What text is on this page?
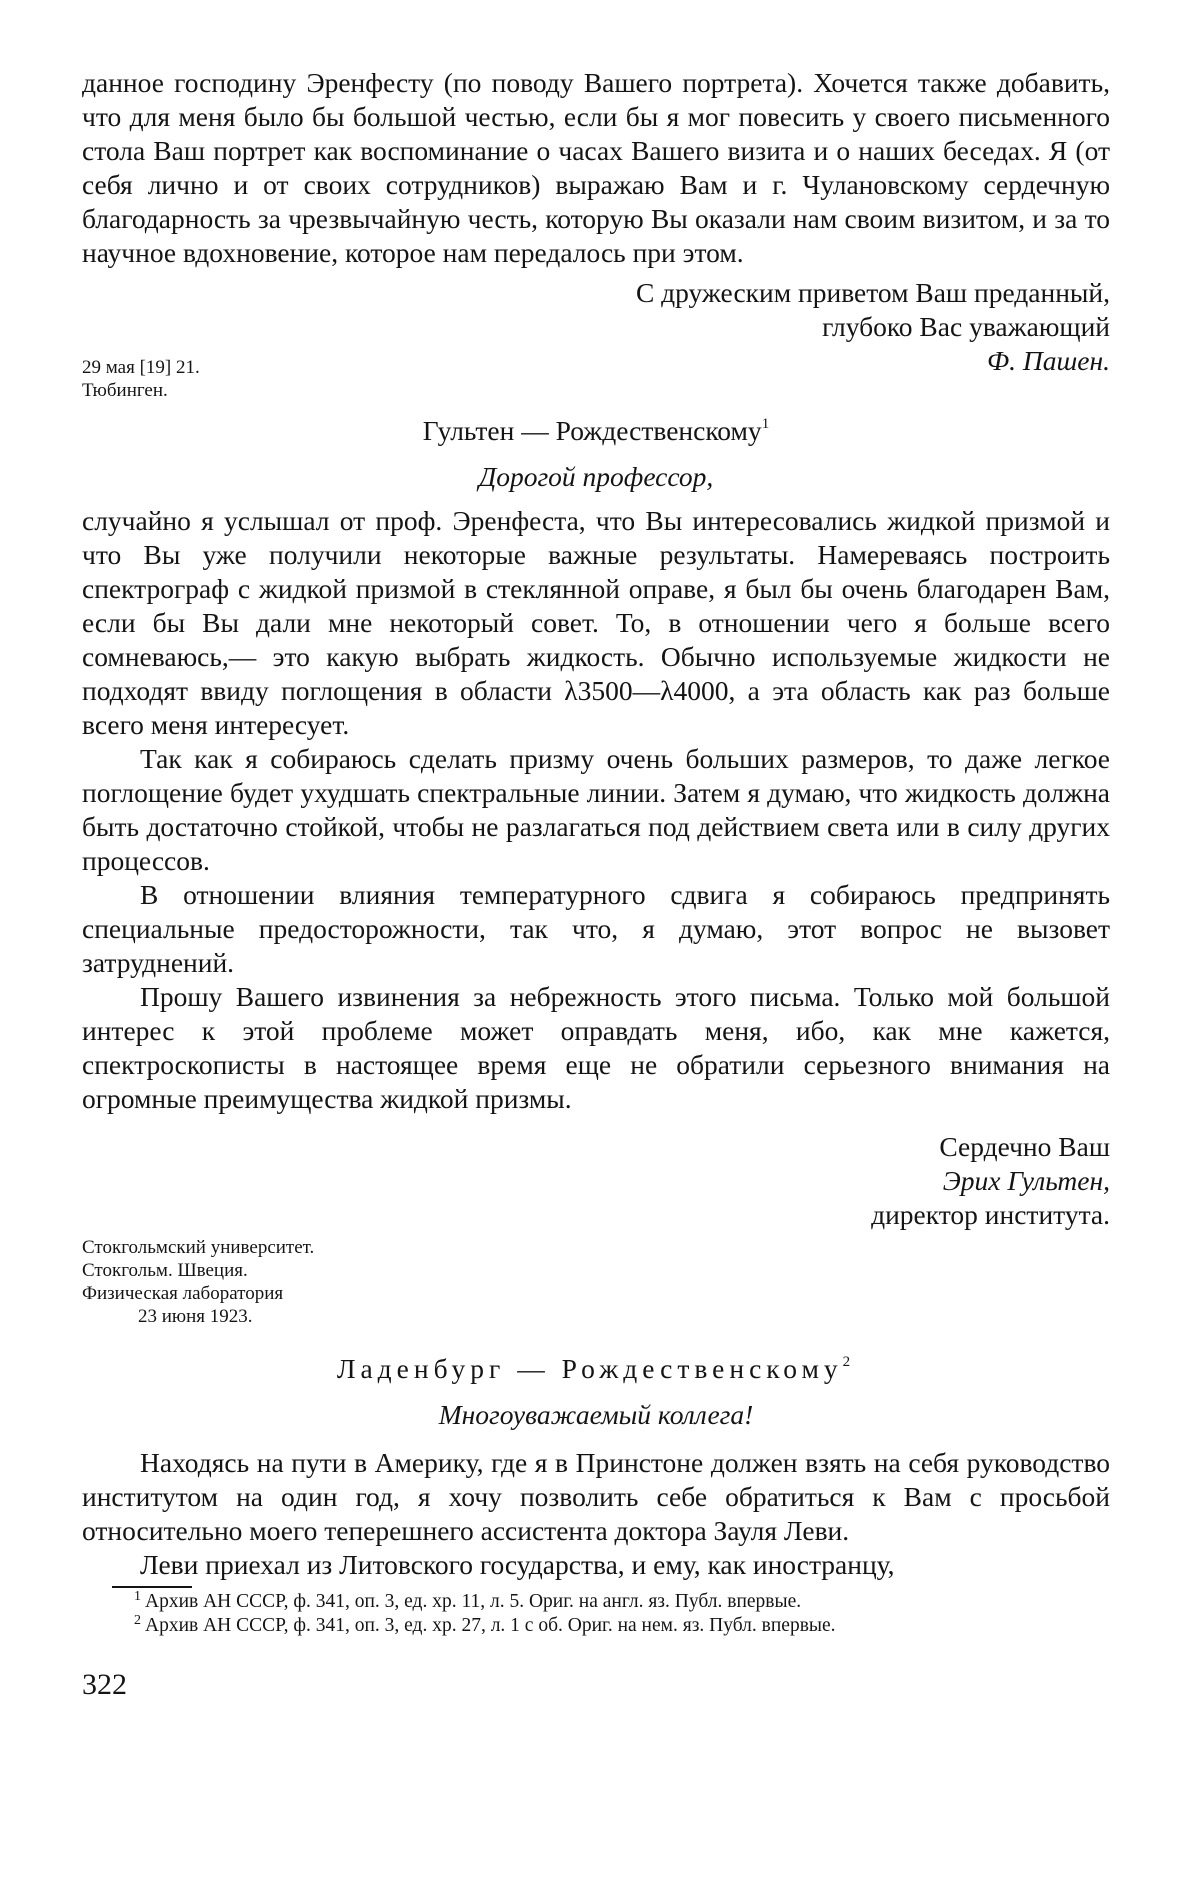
данное господину Эренфесту (по поводу Вашего портрета). Хочется также добавить, что для меня было бы большой честью, если бы я мог повесить у своего письменного стола Ваш портрет как воспоминание о часах Вашего визита и о наших беседах. Я (от себя лично и от своих сотрудников) выражаю Вам и г. Чулановскому сердечную благодарность за чрезвычайную честь, которую Вы оказали нам своим визитом, и за то научное вдохновение, которое нам передалось при этом.

С дружеским приветом Ваш преданный,
глубоко Вас уважающий
Ф. Пашен.
29 мая [19] 21.
Тюбинген.
Гультен — Рождественскому$^1$
Дорогой профессор,

случайно я услышал от проф. Эренфеста, что Вы интересовались жидкой призмой и что Вы уже получили некоторые важные результаты. Намереваясь построить спектрограф с жидкой призмой в стеклянной оправе, я был бы очень благодарен Вам, если бы Вы дали мне некоторый совет. То, в отношении чего я больше всего сомневаюсь,— это какую выбрать жидкость. Обычно используемые жидкости не подходят ввиду поглощения в области λ3500—λ4000, а эта область как раз больше всего меня интересует.

Так как я собираюсь сделать призму очень больших размеров, то даже легкое поглощение будет ухудшать спектральные линии. Затем я думаю, что жидкость должна быть достаточно стойкой, чтобы не разлагаться под действием света или в силу других процессов.

В отношении влияния температурного сдвига я собираюсь предпринять специальные предосторожности, так что, я думаю, этот вопрос не вызовет затруднений.

Прошу Вашего извинения за небрежность этого письма. Только мой большой интерес к этой проблеме может оправдать меня, ибо, как мне кажется, спектроскописты в настоящее время еще не обратили серьезного внимания на огромные преимущества жидкой призмы.

Сердечно Ваш
Эрих Гультен,
директор института.
Стокгольмский университет.
Стокгольм. Швеция.
Физическая лаборатория
23 июня 1923.
Ладенбург — Рождественскому$^2$
Многоуважаемый коллега!

Находясь на пути в Америку, где я в Принстоне должен взять на себя руководство институтом на один год, я хочу позволить себе обратиться к Вам с просьбой относительно моего теперешнего ассистента доктора Зауля Леви.

Леви приехал из Литовского государства, и ему, как иностранцу,

$^1$ Архив АН СССР, ф. 341, оп. 3, ед. хр. 11, л. 5. Ориг. на англ. яз. Публ. впервые.

$^2$ Архив АН СССР, ф. 341, оп. 3, ед. хр. 27, л. 1 с об. Ориг. на нем. яз. Публ. впервые.

322
